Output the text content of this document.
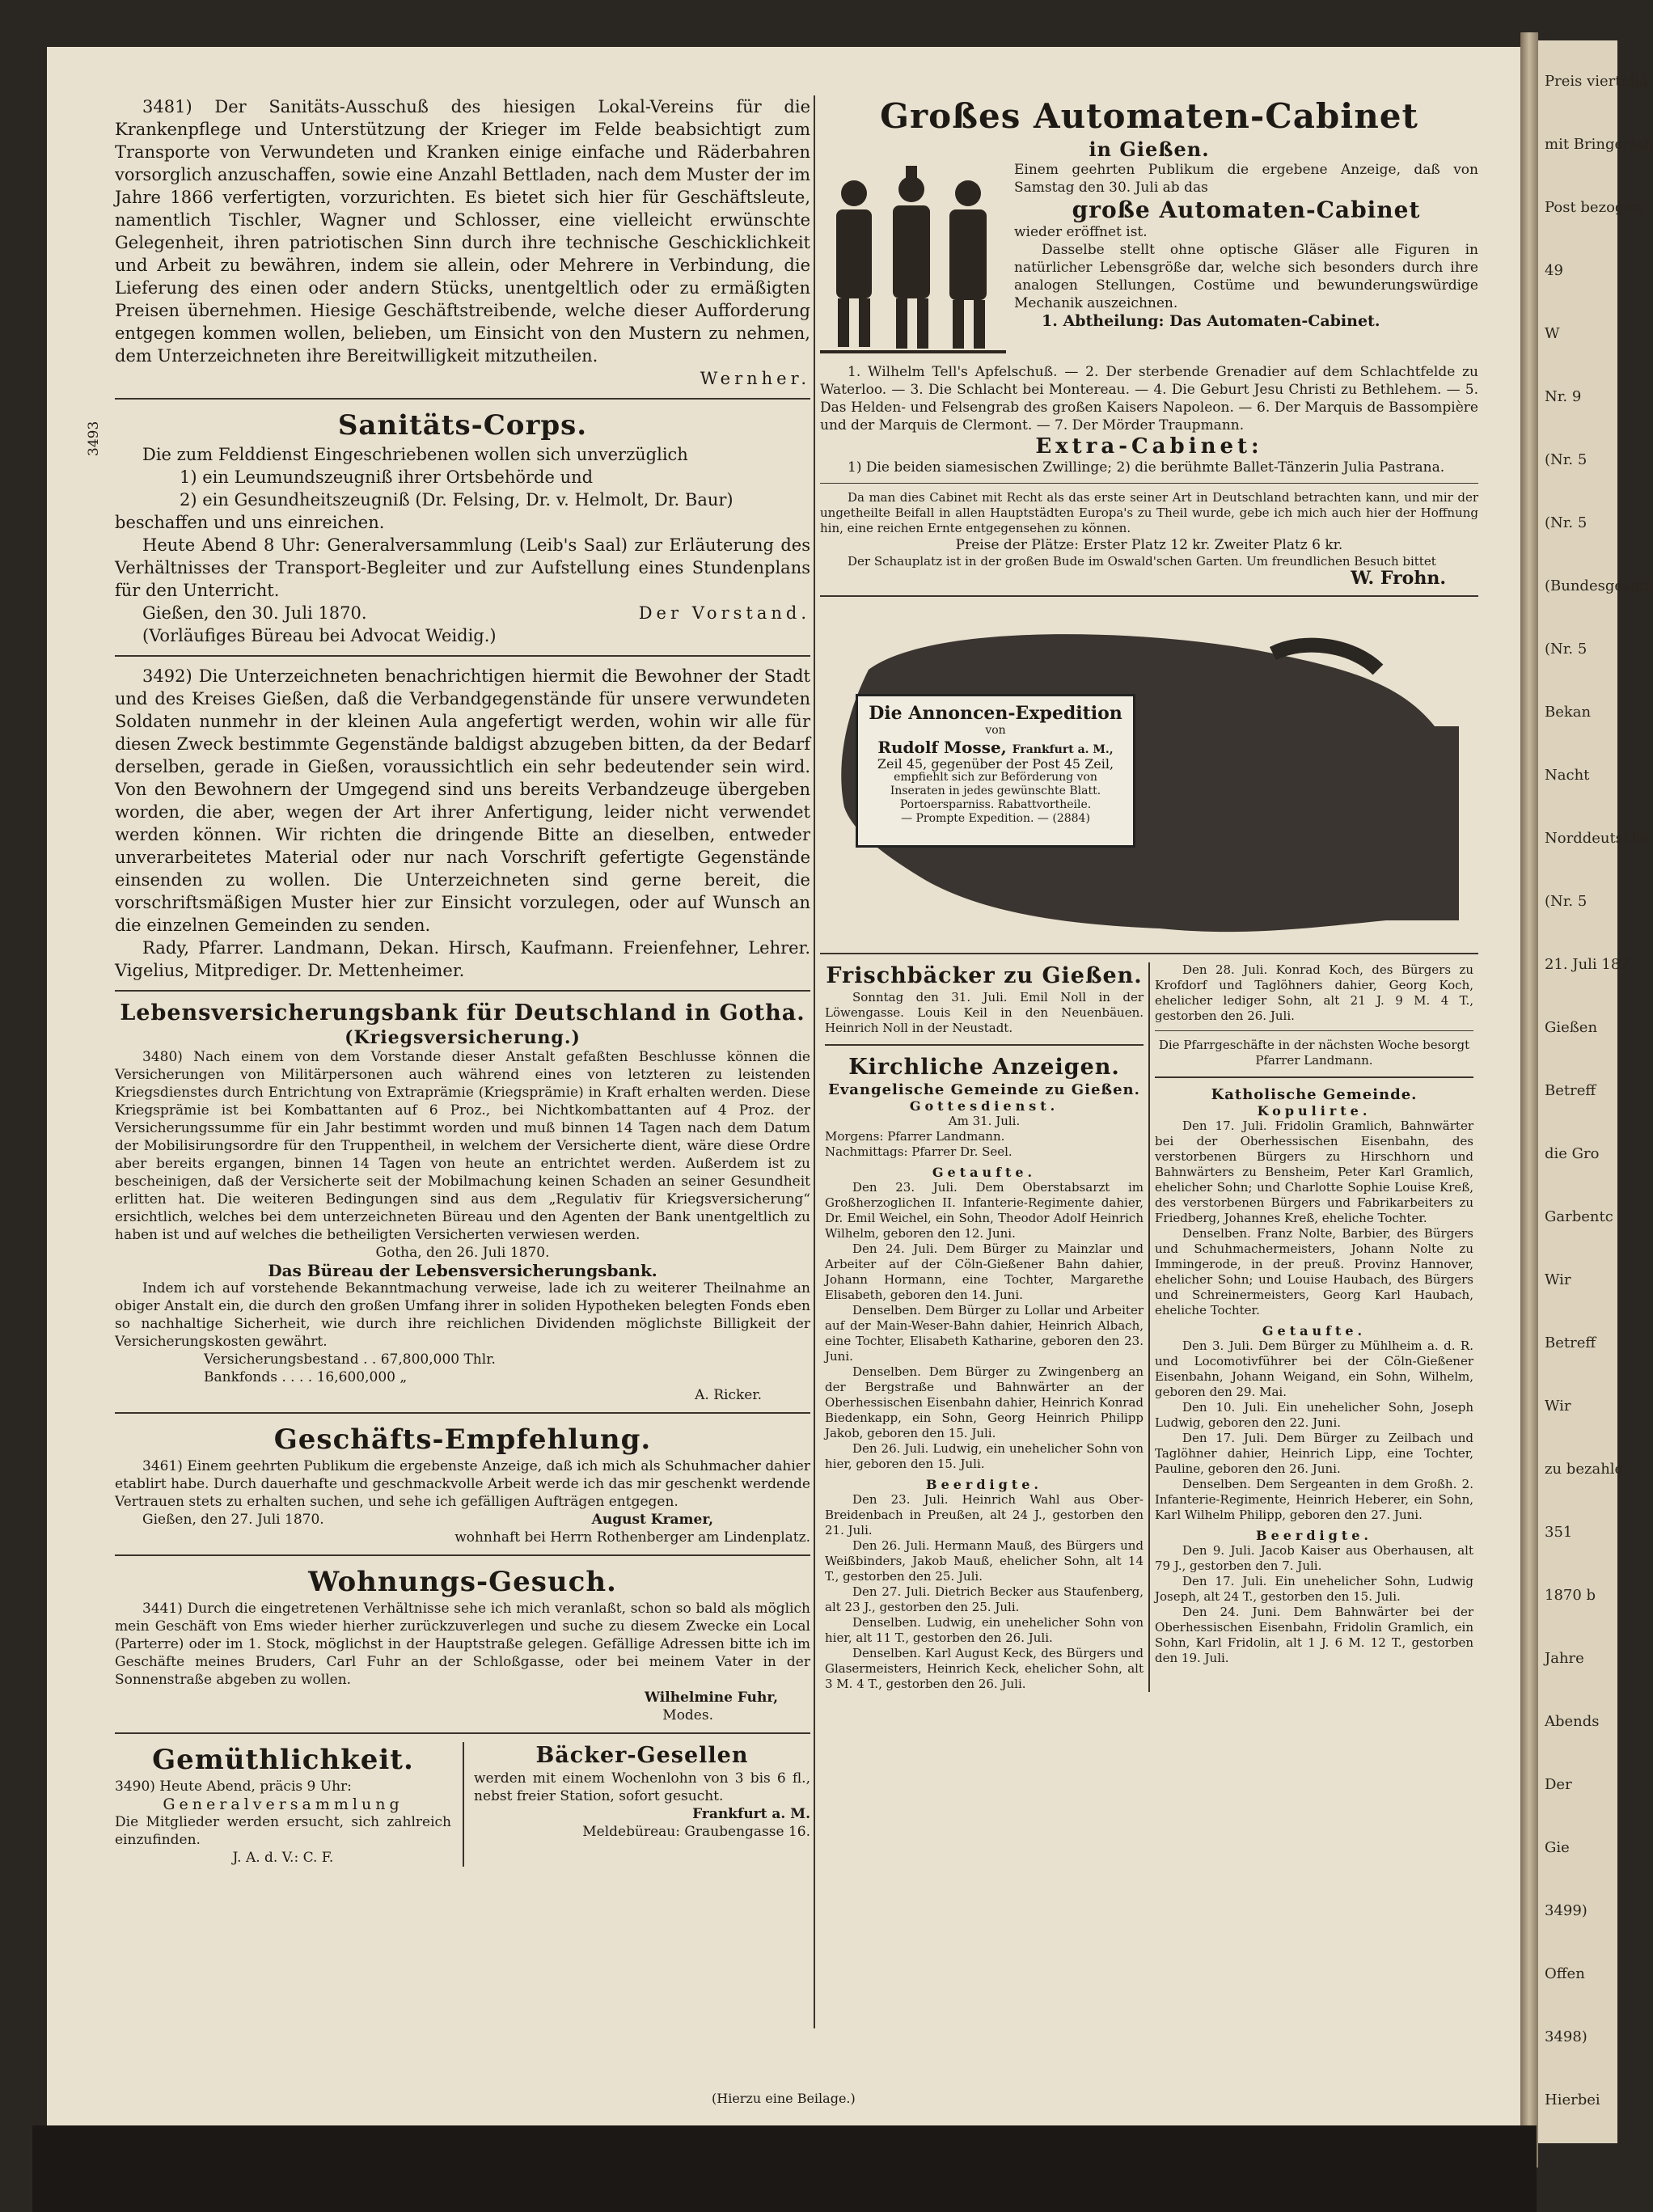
Preis vierteljä
mit Bringerloh
Post bezogen
49
W
Nr. 9
(Nr. 5
(Nr. 5
(Bundesgesetz
(Nr. 5
Bekan
Nacht
Norddeutsche
(Nr. 5
21. Juli 187
Gießen
Betreff
die Gro
Garbentc
Wir
Betreff
Wir
zu bezahle
351
1870 b
Jahre
Abends
Der
Gie
3499)
Offen
3498)
Hierbei

3481) Der Sanitäts-Ausschuß des hiesigen Lokal-Vereins für die Krankenpflege und Unterstützung der Krieger im Felde beabsichtigt zum Transporte von Verwundeten und Kranken einige einfache und Räderbahren vorsorglich anzuschaffen, sowie eine Anzahl Bettladen, nach dem Muster der im Jahre 1866 verfertigten, vorzurichten. Es bietet sich hier für Geschäftsleute, namentlich Tischler, Wagner und Schlosser, eine vielleicht erwünschte Gelegenheit, ihren patriotischen Sinn durch ihre technische Geschicklichkeit und Arbeit zu bewähren, indem sie allein, oder Mehrere in Verbindung, die Lieferung des einen oder andern Stücks, unentgeltlich oder zu ermäßigten Preisen übernehmen. Hiesige Geschäftstreibende, welche dieser Aufforderung entgegen kommen wollen, belieben, um Einsicht von den Mustern zu nehmen, dem Unterzeichneten ihre Bereitwilligkeit mitzutheilen.

Wernher.

3493	Sanitäts-Corps.

Die zum Felddienst Eingeschriebenen wollen sich unverzüglich

1) ein Leumundszeugniß ihrer Ortsbehörde und

2) ein Gesundheitszeugniß (Dr. Felsing, Dr. v. Helmolt, Dr. Baur)

beschaffen und uns einreichen.

Heute Abend 8 Uhr: Generalversammlung (Leib's Saal) zur Erläuterung des Verhältnisses der Transport-Begleiter und zur Aufstellung eines Stundenplans für den Unterricht.

Gießen, den 30. Juli 1870.	Der Vorstand.

(Vorläufiges Büreau bei Advocat Weidig.)

3492) Die Unterzeichneten benachrichtigen hiermit die Bewohner der Stadt und des Kreises Gießen, daß die Verbandgegenstände für unsere verwundeten Soldaten nunmehr in der kleinen Aula angefertigt werden, wohin wir alle für diesen Zweck bestimmte Gegenstände baldigst abzugeben bitten, da der Bedarf derselben, gerade in Gießen, voraussichtlich ein sehr bedeutender sein wird. Von den Bewohnern der Umgegend sind uns bereits Verbandzeuge übergeben worden, die aber, wegen der Art ihrer Anfertigung, leider nicht verwendet werden können. Wir richten die dringende Bitte an dieselben, entweder unverarbeitetes Material oder nur nach Vorschrift gefertigte Gegenstände einsenden zu wollen. Die Unterzeichneten sind gerne bereit, die vorschriftsmäßigen Muster hier zur Einsicht vorzulegen, oder auf Wunsch an die einzelnen Gemeinden zu senden.

Rady, Pfarrer. Landmann, Dekan. Hirsch, Kaufmann. Freienfehner, Lehrer. Vigelius, Mitprediger. Dr. Mettenheimer.

Lebensversicherungsbank für Deutschland in Gotha.
(Kriegsversicherung.)

3480) Nach einem von dem Vorstande dieser Anstalt gefaßten Beschlusse können die Versicherungen von Militärpersonen auch während eines von letzteren zu leistenden Kriegsdienstes durch Entrichtung von Extraprämie (Kriegsprämie) in Kraft erhalten werden. Diese Kriegsprämie ist bei Kombattanten auf 6 Proz., bei Nichtkombattanten auf 4 Proz. der Versicherungssumme für ein Jahr bestimmt worden und muß binnen 14 Tagen nach dem Datum der Mobilisirungsordre für den Truppentheil, in welchem der Versicherte dient, wäre diese Ordre aber bereits ergangen, binnen 14 Tagen von heute an entrichtet werden. Außerdem ist zu bescheinigen, daß der Versicherte seit der Mobilmachung keinen Schaden an seiner Gesundheit erlitten hat. Die weiteren Bedingungen sind aus dem „Regulativ für Kriegsversicherung“ ersichtlich, welches bei dem unterzeichneten Büreau und den Agenten der Bank unentgeltlich zu haben ist und auf welches die betheiligten Versicherten verwiesen werden.

Gotha, den 26. Juli 1870.

Das Büreau der Lebensversicherungsbank.

Indem ich auf vorstehende Bekanntmachung verweise, lade ich zu weiterer Theilnahme an obiger Anstalt ein, die durch den großen Umfang ihrer in soliden Hypotheken belegten Fonds eben so nachhaltige Sicherheit, wie durch ihre reichlichen Dividenden möglichste Billigkeit der Versicherungskosten gewährt.

Versicherungsbestand . . 67,800,000 Thlr.
Bankfonds . . . . 16,600,000 „

A. Ricker.

Geschäfts-Empfehlung.

3461) Einem geehrten Publikum die ergebenste Anzeige, daß ich mich als Schuhmacher dahier etablirt habe. Durch dauerhafte und geschmackvolle Arbeit werde ich das mir geschenkt werdende Vertrauen stets zu erhalten suchen, und sehe ich gefälligen Aufträgen entgegen.

Gießen, den 27. Juli 1870.	August Kramer,

wohnhaft bei Herrn Rothenberger am Lindenplatz.

Wohnungs-Gesuch.

3441) Durch die eingetretenen Verhältnisse sehe ich mich veranlaßt, schon so bald als möglich mein Geschäft von Ems wieder hierher zurückzuverlegen und suche zu diesem Zwecke ein Local (Parterre) oder im 1. Stock, möglichst in der Hauptstraße gelegen. Gefällige Adressen bitte ich im Geschäfte meines Bruders, Carl Fuhr an der Schloßgasse, oder bei meinem Vater in der Sonnenstraße abgeben zu wollen.

Wilhelmine Fuhr,

Modes.

Gemüthlichkeit.

3490) Heute Abend, präcis 9 Uhr:

Generalversammlung

Die Mitglieder werden ersucht, sich zahlreich einzufinden.

J. A. d. V.: C. F.

Bäcker-Gesellen

werden mit einem Wochenlohn von 3 bis 6 fl., nebst freier Station, sofort gesucht.

Frankfurt a. M.

Meldebüreau: Graubengasse 16.

Großes Automaten-Cabinet
in Gießen.

Einem geehrten Publikum die ergebene Anzeige, daß von Samstag den 30. Juli ab das

große Automaten-Cabinet

wieder eröffnet ist.

Dasselbe stellt ohne optische Gläser alle Figuren in natürlicher Lebensgröße dar, welche sich besonders durch ihre analogen Stellungen, Costüme und bewunderungswürdige Mechanik auszeichnen.

1. Abtheilung: Das Automaten-Cabinet.

1. Wilhelm Tell's Apfelschuß. — 2. Der sterbende Grenadier auf dem Schlachtfelde zu Waterloo. — 3. Die Schlacht bei Montereau. — 4. Die Geburt Jesu Christi zu Bethlehem. — 5. Das Helden- und Felsengrab des großen Kaisers Napoleon. — 6. Der Marquis de Bassompière und der Marquis de Clermont. — 7. Der Mörder Traupmann.

Extra-Cabinet:

1) Die beiden siamesischen Zwillinge; 2) die berühmte Ballet-Tänzerin Julia Pastrana.

Da man dies Cabinet mit Recht als das erste seiner Art in Deutschland betrachten kann, und mir der ungetheilte Beifall in allen Hauptstädten Europa's zu Theil wurde, gebe ich mich auch hier der Hoffnung hin, eine reichen Ernte entgegensehen zu können.

Preise der Plätze: Erster Platz 12 kr. Zweiter Platz 6 kr.

Der Schauplatz ist in der großen Bude im Oswald'schen Garten. Um freundlichen Besuch bittet

W. Frohn.

Die Annoncen-Expedition
von
Rudolf Mosse, Frankfurt a. M.,
Zeil 45, gegenüber der Post 45 Zeil,
empfiehlt sich zur Beförderung von Inseraten in jedes gewünschte Blatt. Portoersparniss. Rabattvortheile.
— Prompte Expedition. — (2884)
Frischbäcker zu Gießen.

Sonntag den 31. Juli. Emil Noll in der Löwengasse. Louis Keil in den Neuenbäuen. Heinrich Noll in der Neustadt.

Kirchliche Anzeigen.
Evangelische Gemeinde zu Gießen.
Gottesdienst.

Am 31. Juli.

Morgens: Pfarrer Landmann.

Nachmittags: Pfarrer Dr. Seel.

Getaufte.

Den 23. Juli. Dem Oberstabsarzt im Großherzoglichen II. Infanterie-Regimente dahier, Dr. Emil Weichel, ein Sohn, Theodor Adolf Heinrich Wilhelm, geboren den 12. Juni.

Den 24. Juli. Dem Bürger zu Mainzlar und Arbeiter auf der Cöln-Gießener Bahn dahier, Johann Hormann, eine Tochter, Margarethe Elisabeth, geboren den 14. Juni.

Denselben. Dem Bürger zu Lollar und Arbeiter auf der Main-Weser-Bahn dahier, Heinrich Albach, eine Tochter, Elisabeth Katharine, geboren den 23. Juni.

Denselben. Dem Bürger zu Zwingenberg an der Bergstraße und Bahnwärter an der Oberhessischen Eisenbahn dahier, Heinrich Konrad Biedenkapp, ein Sohn, Georg Heinrich Philipp Jakob, geboren den 15. Juli.

Den 26. Juli. Ludwig, ein unehelicher Sohn von hier, geboren den 15. Juli.

Beerdigte.

Den 23. Juli. Heinrich Wahl aus Ober-Breidenbach in Preußen, alt 24 J., gestorben den 21. Juli.

Den 26. Juli. Hermann Mauß, des Bürgers und Weißbinders, Jakob Mauß, ehelicher Sohn, alt 14 T., gestorben den 25. Juli.

Den 27. Juli. Dietrich Becker aus Staufenberg, alt 23 J., gestorben den 25. Juli.

Denselben. Ludwig, ein unehelicher Sohn von hier, alt 11 T., gestorben den 26. Juli.

Denselben. Karl August Keck, des Bürgers und Glasermeisters, Heinrich Keck, ehelicher Sohn, alt 3 M. 4 T., gestorben den 26. Juli.

Den 28. Juli. Konrad Koch, des Bürgers zu Krofdorf und Taglöhners dahier, Georg Koch, ehelicher lediger Sohn, alt 21 J. 9 M. 4 T., gestorben den 26. Juli.

Die Pfarrgeschäfte in der nächsten Woche besorgt Pfarrer Landmann.

Katholische Gemeinde.
Kopulirte.

Den 17. Juli. Fridolin Gramlich, Bahnwärter bei der Oberhessischen Eisenbahn, des verstorbenen Bürgers zu Hirschhorn und Bahnwärters zu Bensheim, Peter Karl Gramlich, ehelicher Sohn; und Charlotte Sophie Louise Kreß, des verstorbenen Bürgers und Fabrikarbeiters zu Friedberg, Johannes Kreß, eheliche Tochter.

Denselben. Franz Nolte, Barbier, des Bürgers und Schuhmachermeisters, Johann Nolte zu Immingerode, in der preuß. Provinz Hannover, ehelicher Sohn; und Louise Haubach, des Bürgers und Schreinermeisters, Georg Karl Haubach, eheliche Tochter.

Getaufte.

Den 3. Juli. Dem Bürger zu Mühlheim a. d. R. und Locomotivführer bei der Cöln-Gießener Eisenbahn, Johann Weigand, ein Sohn, Wilhelm, geboren den 29. Mai.

Den 10. Juli. Ein unehelicher Sohn, Joseph Ludwig, geboren den 22. Juni.

Den 17. Juli. Dem Bürger zu Zeilbach und Taglöhner dahier, Heinrich Lipp, eine Tochter, Pauline, geboren den 26. Juni.

Denselben. Dem Sergeanten in dem Großh. 2. Infanterie-Regimente, Heinrich Heberer, ein Sohn, Karl Wilhelm Philipp, geboren den 27. Juni.

Beerdigte.

Den 9. Juli. Jacob Kaiser aus Oberhausen, alt 79 J., gestorben den 7. Juli.

Den 17. Juli. Ein unehelicher Sohn, Ludwig Joseph, alt 24 T., gestorben den 15. Juli.

Den 24. Juni. Dem Bahnwärter bei der Oberhessischen Eisenbahn, Fridolin Gramlich, ein Sohn, Karl Fridolin, alt 1 J. 6 M. 12 T., gestorben den 19. Juli.

(Hierzu eine Beilage.)
